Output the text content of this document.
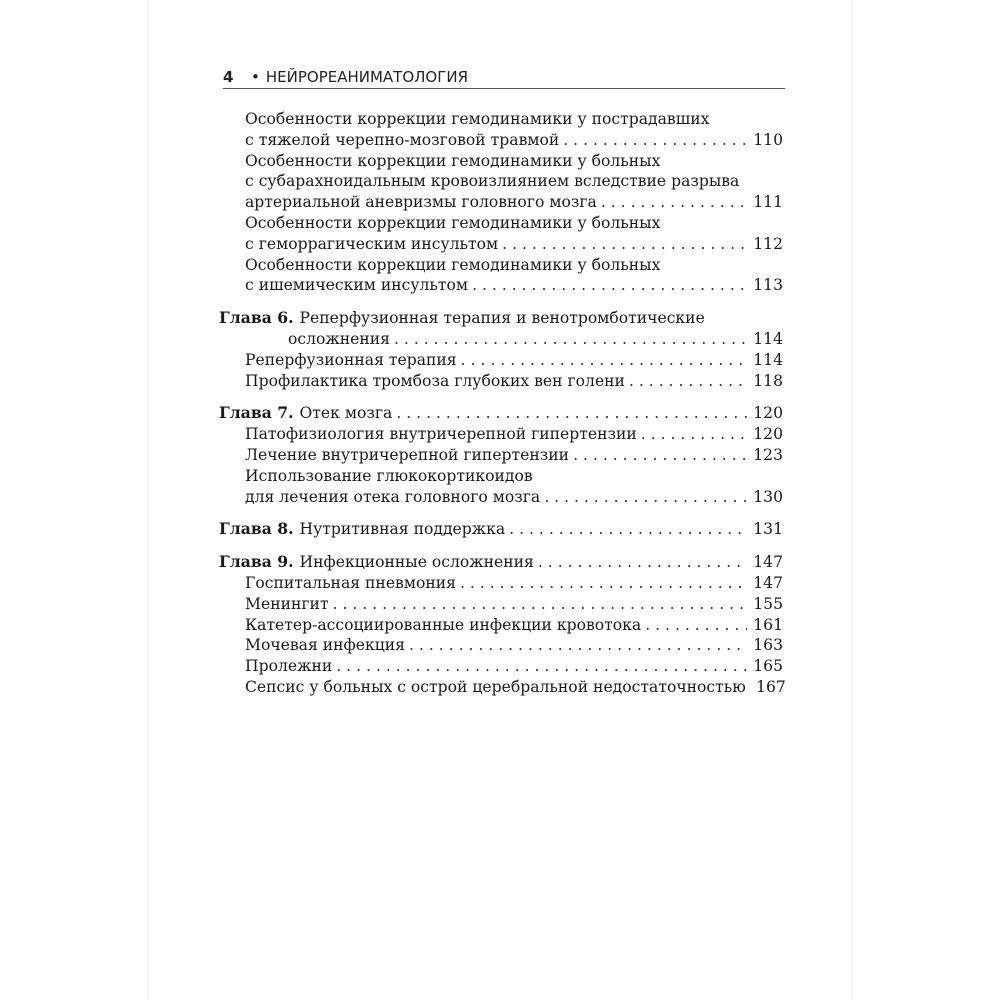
4	• НЕЙРОРЕАНИМАТОЛОГИЯ
Особенности коррекции гемодинамики у пострадавших
с тяжелой черепно-мозговой травмой . . .	110
Особенности коррекции гемодинамики у больных
с субарахноидальным кровоизлиянием вследствие разрыва
артериальной аневризмы головного мозга . . .	111
Особенности коррекции гемодинамики у больных
с геморрагическим инсультом . . .	112
Особенности коррекции гемодинамики у больных
с ишемическим инсультом . . .	113
Глава 6. Реперфузионная терапия и венотромботические
осложнения . . .	114
Реперфузионная терапия . . .	114
Профилактика тромбоза глубоких вен голени . . .	118
Глава 7. Отек мозга . . .	120
Патофизиология внутричерепной гипертензии . . .	120
Лечение внутричерепной гипертензии . . .	123
Использование глюкокортикоидов
для лечения отека головного мозга . . .	130
Глава 8. Нутритивная поддержка . . .	131
Глава 9. Инфекционные осложнения . . .	147
Госпитальная пневмония . . .	147
Менингит . . .	155
Катетер-ассоциированные инфекции кровотока . . .	161
Мочевая инфекция . . .	163
Пролежни . . .	165
Сепсис у больных с острой церебральной недостаточностью 167
